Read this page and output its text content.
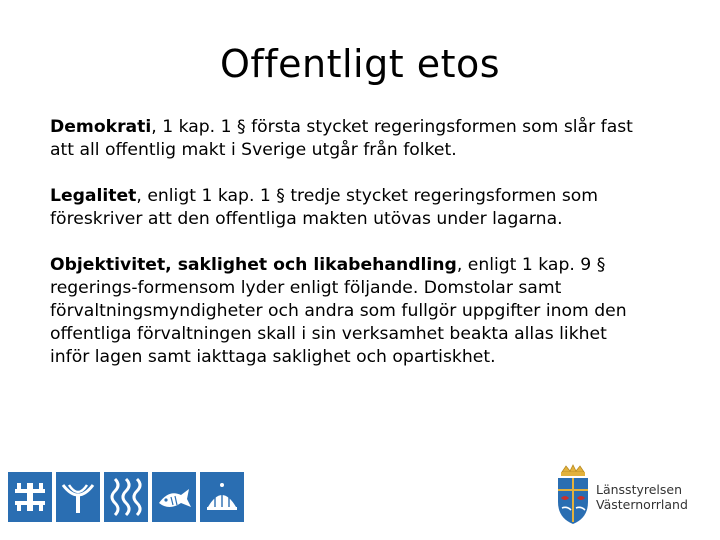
Offentligt etos

Demokrati, 1 kap. 1 § första stycket regeringsformen som slår fast
att all offentlig makt i Sverige utgår från folket.

Legalitet, enligt 1 kap. 1 § tredje stycket regeringsformen som
föreskriver att den offentliga makten utövas under lagarna.

Objektivitet, saklighet och likabehandling, enligt 1 kap. 9 §
regerings-formensom lyder enligt följande. Domstolar samt
förvaltningsmyndigheter och andra som fullgör uppgifter inom den
offentliga förvaltningen skall i sin verksamhet beakta allas likhet
inför lagen samt iakttaga saklighet och opartiskhet.

Länsstyrelsen
Västernorrland
